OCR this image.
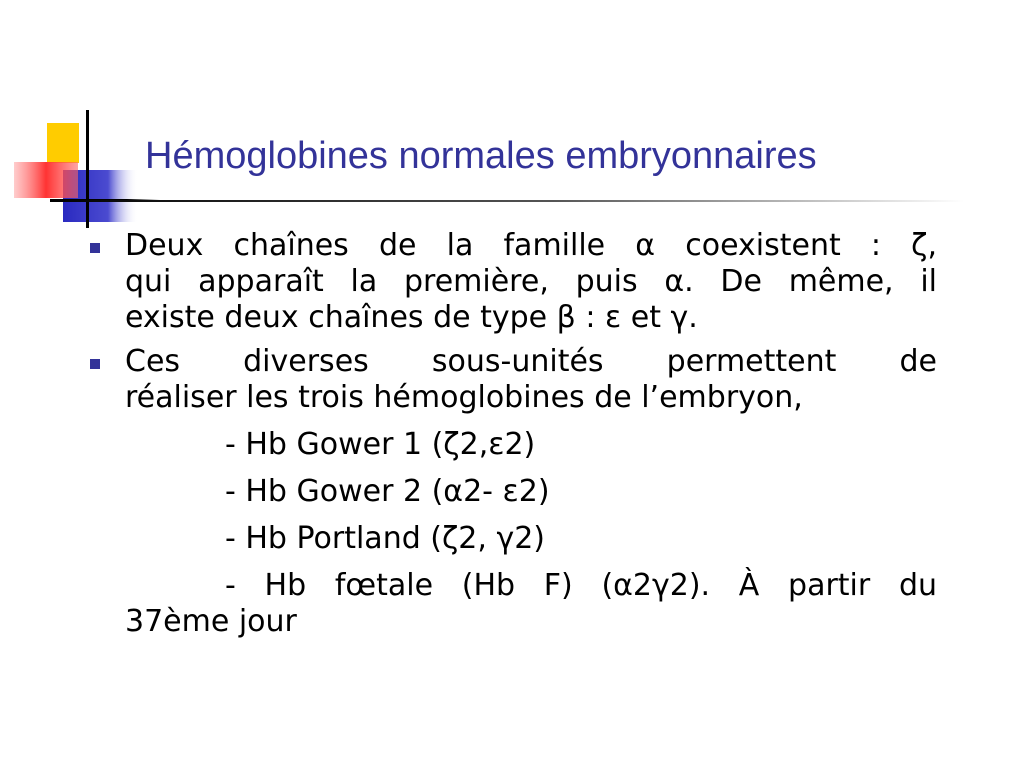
Hémoglobines normales embryonnaires
Deux chaînes de la famille α coexistent : ζ,
qui apparaît la première, puis α. De même, il
existe deux chaînes de type β : ε et γ.
Ces diverses sous-unités permettent de
réaliser les trois hémoglobines de l’embryon,
- Hb Gower 1 (ζ2,ε2)
- Hb Gower 2 (α2- ε2)
- Hb Portland (ζ2, γ2)
- Hb fœtale (Hb F) (α2γ2). À partir du
37ème jour
